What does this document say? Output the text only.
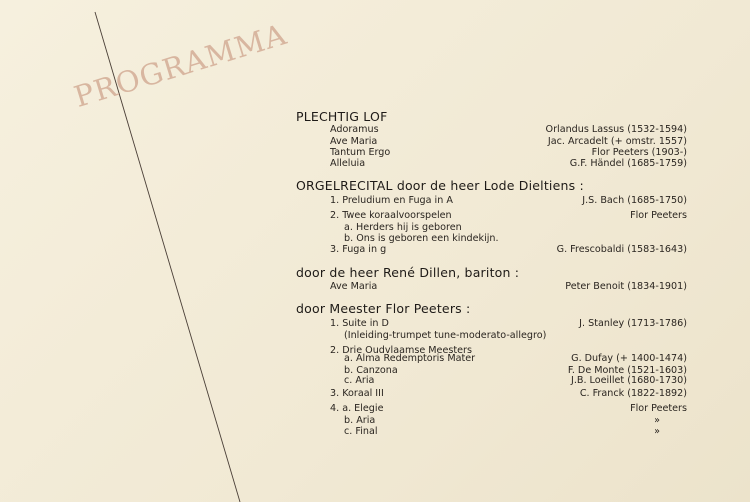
PROGRAMMA
PLECHTIG LOF
Adoramus	Orlandus Lassus (1532-1594)
Ave Maria	Jac. Arcadelt (+ omstr. 1557)
Tantum Ergo	Flor Peeters (1903-)
Alleluia	G.F. Händel (1685-1759)
ORGELRECITAL door de heer Lode Dieltiens :
1. Preludium en Fuga in A	J.S. Bach (1685-1750)
2. Twee koraalvoorspelen	Flor Peeters
a. Herders hij is geboren
b. Ons is geboren een kindekijn.
3. Fuga in g	G. Frescobaldi (1583-1643)
door de heer René Dillen, bariton :
Ave Maria	Peter Benoit (1834-1901)
door Meester Flor Peeters :
1. Suite in D	J. Stanley (1713-1786)
(Inleiding-trumpet tune-moderato-allegro)
2. Drie Oudvlaamse Meesters
a. Alma Redemptoris Mater	G. Dufay (+ 1400-1474)
b. Canzona	F. De Monte (1521-1603)
c. Aria	J.B. Loeillet (1680-1730)
3. Koraal III	C. Franck (1822-1892)
4. a. Elegie	Flor Peeters
b. Aria	»
c. Final	»
